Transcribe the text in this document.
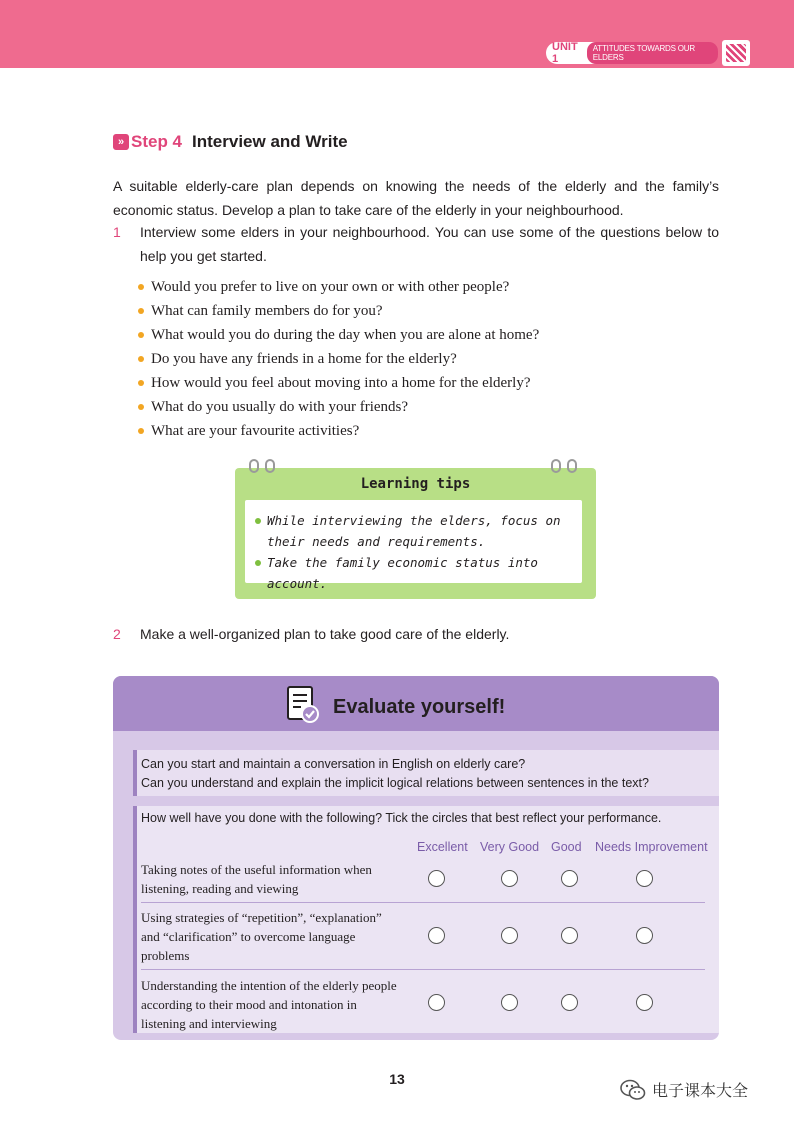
UNIT 1
ATTITUDES TOWARDS OUR ELDERS
» Step 4 Interview and Write

A suitable elderly-care plan depends on knowing the needs of the elderly and the family’s economic status. Develop a plan to take care of the elderly in your neighbourhood.

1	Interview some elders in your neighbourhood. You can use some of the questions below to help you get started.
Would you prefer to live on your own or with other people?
What can family members do for you?
What would you do during the day when you are alone at home?
Do you have any friends in a home for the elderly?
How would you feel about moving into a home for the elderly?
What do you usually do with your friends?
What are your favourite activities?
Learning tips
While interviewing the elders, focus on their needs and requirements.
Take the family economic status into account.
2	Make a well-organized plan to take good care of the elderly.
Evaluate yourself!
Can you start and maintain a conversation in English on elderly care?
Can you understand and explain the implicit logical relations between sentences in the text?
How well have you done with the following? Tick the circles that best reflect your performance.
Excellent Very Good Good Needs Improvement
Taking notes of the useful information when listening, reading and viewing
Using strategies of “repetition”, “explanation” and “clarification” to overcome language problems
Understanding the intention of the elderly people according to their mood and intonation in listening and interviewing
13
电子课本大全
